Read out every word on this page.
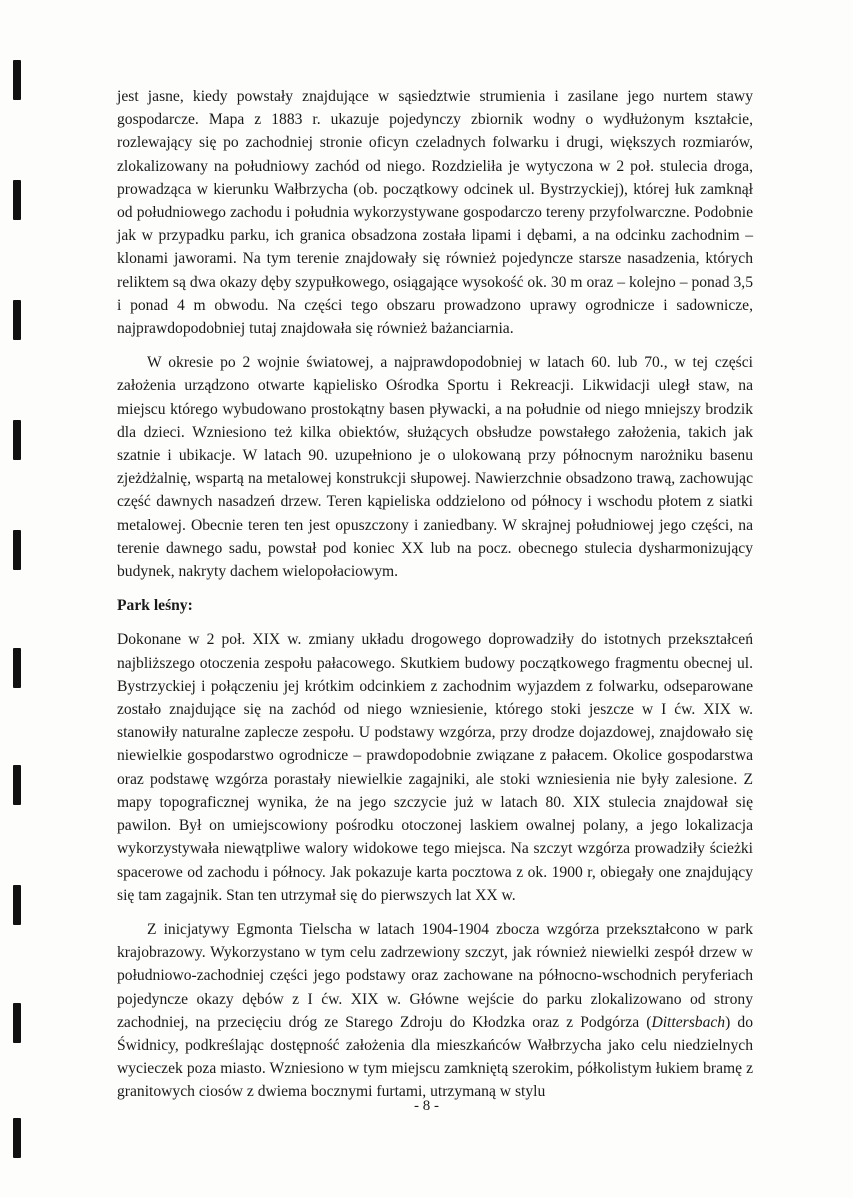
jest jasne, kiedy powstały znajdujące w sąsiedztwie strumienia i zasilane jego nurtem stawy gospodarcze. Mapa z 1883 r. ukazuje pojedynczy zbiornik wodny o wydłużonym kształcie, rozlewający się po zachodniej stronie oficyn czeladnych folwarku i drugi, większych rozmiarów, zlokalizowany na południowy zachód od niego. Rozdzieliła je wytyczona w 2 poł. stulecia droga, prowadząca w kierunku Wałbrzycha (ob. początkowy odcinek ul. Bystrzyckiej), której łuk zamknął od południowego zachodu i południa wykorzystywane gospodarczo tereny przyfolwarczne. Podobnie jak w przypadku parku, ich granica obsadzona została lipami i dębami, a na odcinku zachodnim – klonami jaworami. Na tym terenie znajdowały się również pojedyncze starsze nasadzenia, których reliktem są dwa okazy dęby szypułkowego, osiągające wysokość ok. 30 m oraz – kolejno – ponad 3,5 i ponad 4 m obwodu. Na części tego obszaru prowadzono uprawy ogrodnicze i sadownicze, najprawdopodobniej tutaj znajdowała się również bażanciarnia.

W okresie po 2 wojnie światowej, a najprawdopodobniej w latach 60. lub 70., w tej części założenia urządzono otwarte kąpielisko Ośrodka Sportu i Rekreacji. Likwidacji uległ staw, na miejscu którego wybudowano prostokątny basen pływacki, a na południe od niego mniejszy brodzik dla dzieci. Wzniesiono też kilka obiektów, służących obsłudze powstałego założenia, takich jak szatnie i ubikacje. W latach 90. uzupełniono je o ulokowaną przy północnym narożniku basenu zjeżdżalnię, wspartą na metalowej konstrukcji słupowej. Nawierzchnie obsadzono trawą, zachowując część dawnych nasadzeń drzew. Teren kąpieliska oddzielono od północy i wschodu płotem z siatki metalowej. Obecnie teren ten jest opuszczony i zaniedbany. W skrajnej południowej jego części, na terenie dawnego sadu, powstał pod koniec XX lub na pocz. obecnego stulecia dysharmonizujący budynek, nakryty dachem wielopołaciowym.

Park leśny:

Dokonane w 2 poł. XIX w. zmiany układu drogowego doprowadziły do istotnych przekształceń najbliższego otoczenia zespołu pałacowego. Skutkiem budowy początkowego fragmentu obecnej ul. Bystrzyckiej i połączeniu jej krótkim odcinkiem z zachodnim wyjazdem z folwarku, odseparowane zostało znajdujące się na zachód od niego wzniesienie, którego stoki jeszcze w I ćw. XIX w. stanowiły naturalne zaplecze zespołu. U podstawy wzgórza, przy drodze dojazdowej, znajdowało się niewielkie gospodarstwo ogrodnicze – prawdopodobnie związane z pałacem. Okolice gospodarstwa oraz podstawę wzgórza porastały niewielkie zagajniki, ale stoki wzniesienia nie były zalesione. Z mapy topograficznej wynika, że na jego szczycie już w latach 80. XIX stulecia znajdował się pawilon. Był on umiejscowiony pośrodku otoczonej laskiem owalnej polany, a jego lokalizacja wykorzystywała niewątpliwe walory widokowe tego miejsca. Na szczyt wzgórza prowadziły ścieżki spacerowe od zachodu i północy. Jak pokazuje karta pocztowa z ok. 1900 r, obiegały one znajdujący się tam zagajnik. Stan ten utrzymał się do pierwszych lat XX w.

Z inicjatywy Egmonta Tielscha w latach 1904-1904 zbocza wzgórza przekształcono w park krajobrazowy. Wykorzystano w tym celu zadrzewiony szczyt, jak również niewielki zespół drzew w południowo-zachodniej części jego podstawy oraz zachowane na północno-wschodnich peryferiach pojedyncze okazy dębów z I ćw. XIX w. Główne wejście do parku zlokalizowano od strony zachodniej, na przecięciu dróg ze Starego Zdroju do Kłodzka oraz z Podgórza (Dittersbach) do Świdnicy, podkreślając dostępność założenia dla mieszkańców Wałbrzycha jako celu niedzielnych wycieczek poza miasto. Wzniesiono w tym miejscu zamkniętą szerokim, półkolistym łukiem bramę z granitowych ciosów z dwiema bocznymi furtami, utrzymaną w stylu

- 8 -
